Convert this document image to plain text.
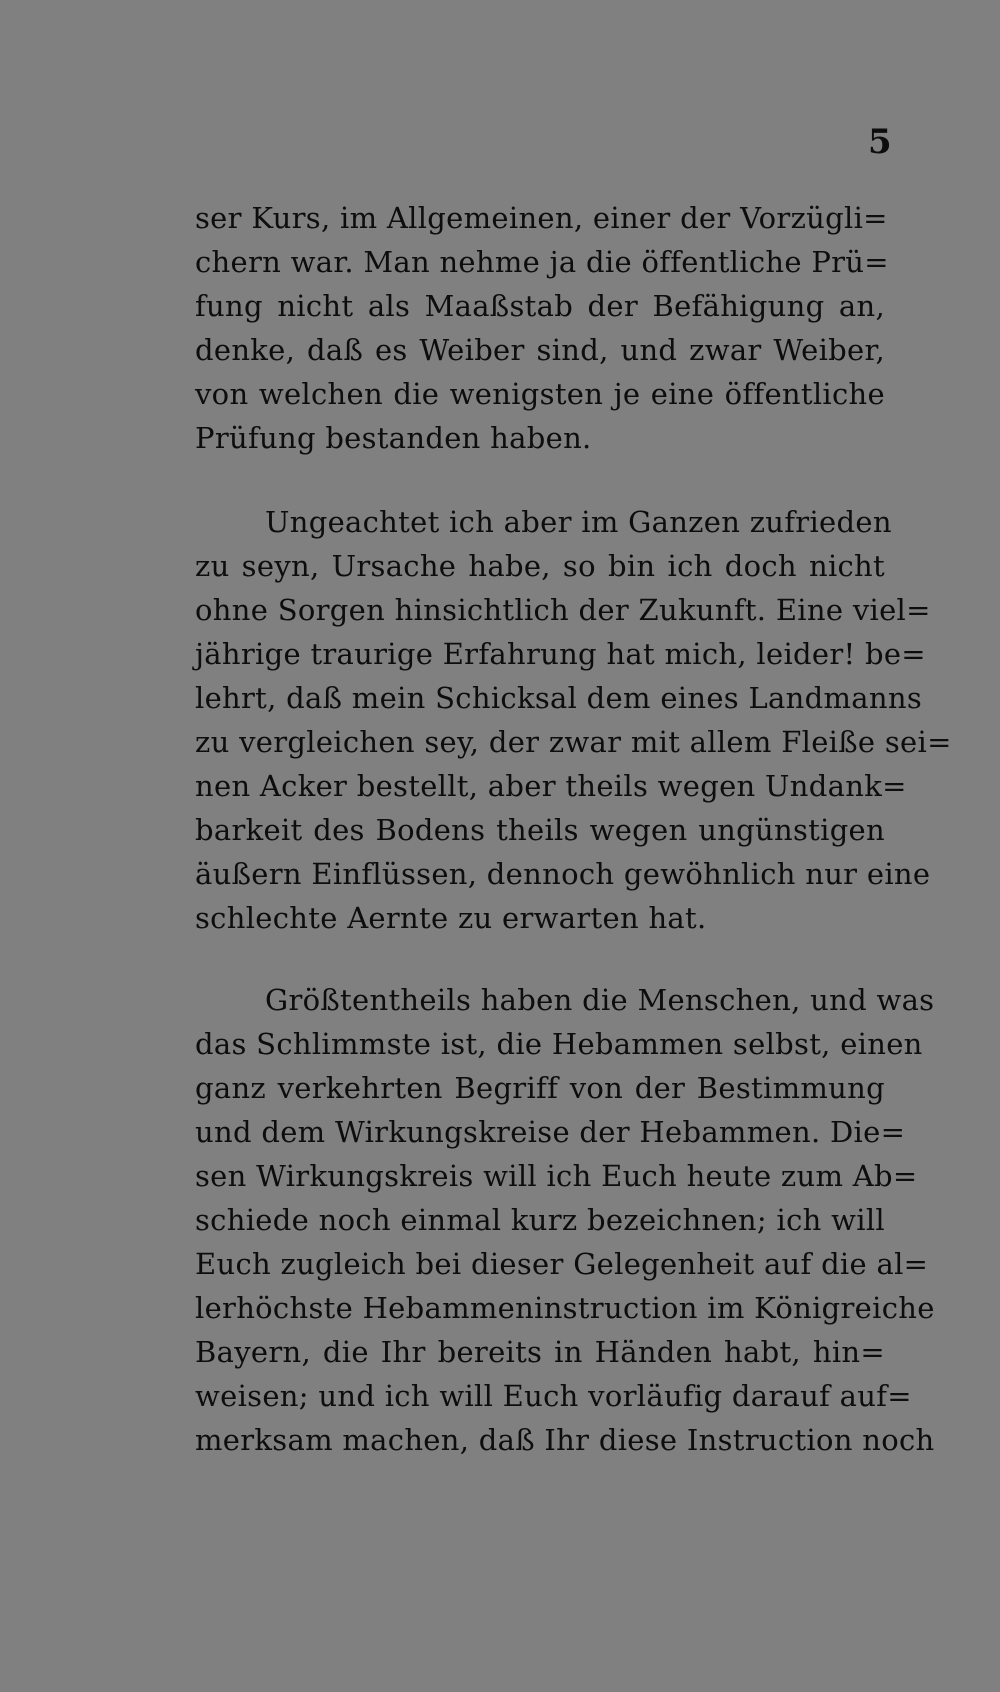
5
ser Kurs, im Allgemeinen, einer der Vorzügli=
chern war. Man nehme ja die öffentliche Prü=
fung nicht als Maaßstab der Befähigung an,
denke, daß es Weiber sind, und zwar Weiber,
von welchen die wenigsten je eine öffentliche
Prüfung bestanden haben.
Ungeachtet ich aber im Ganzen zufrieden
zu seyn, Ursache habe, so bin ich doch nicht
ohne Sorgen hinsichtlich der Zukunft. Eine viel=
jährige traurige Erfahrung hat mich, leider! be=
lehrt, daß mein Schicksal dem eines Landmanns
zu vergleichen sey, der zwar mit allem Fleiße sei=
nen Acker bestellt, aber theils wegen Undank=
barkeit des Bodens theils wegen ungünstigen
äußern Einflüssen, dennoch gewöhnlich nur eine
schlechte Aernte zu erwarten hat.
Größtentheils haben die Menschen, und was
das Schlimmste ist, die Hebammen selbst, einen
ganz verkehrten Begriff von der Bestimmung
und dem Wirkungskreise der Hebammen. Die=
sen Wirkungskreis will ich Euch heute zum Ab=
schiede noch einmal kurz bezeichnen; ich will
Euch zugleich bei dieser Gelegenheit auf die al=
lerhöchste Hebammeninstruction im Königreiche
Bayern, die Ihr bereits in Händen habt, hin=
weisen; und ich will Euch vorläufig darauf auf=
merksam machen, daß Ihr diese Instruction noch
